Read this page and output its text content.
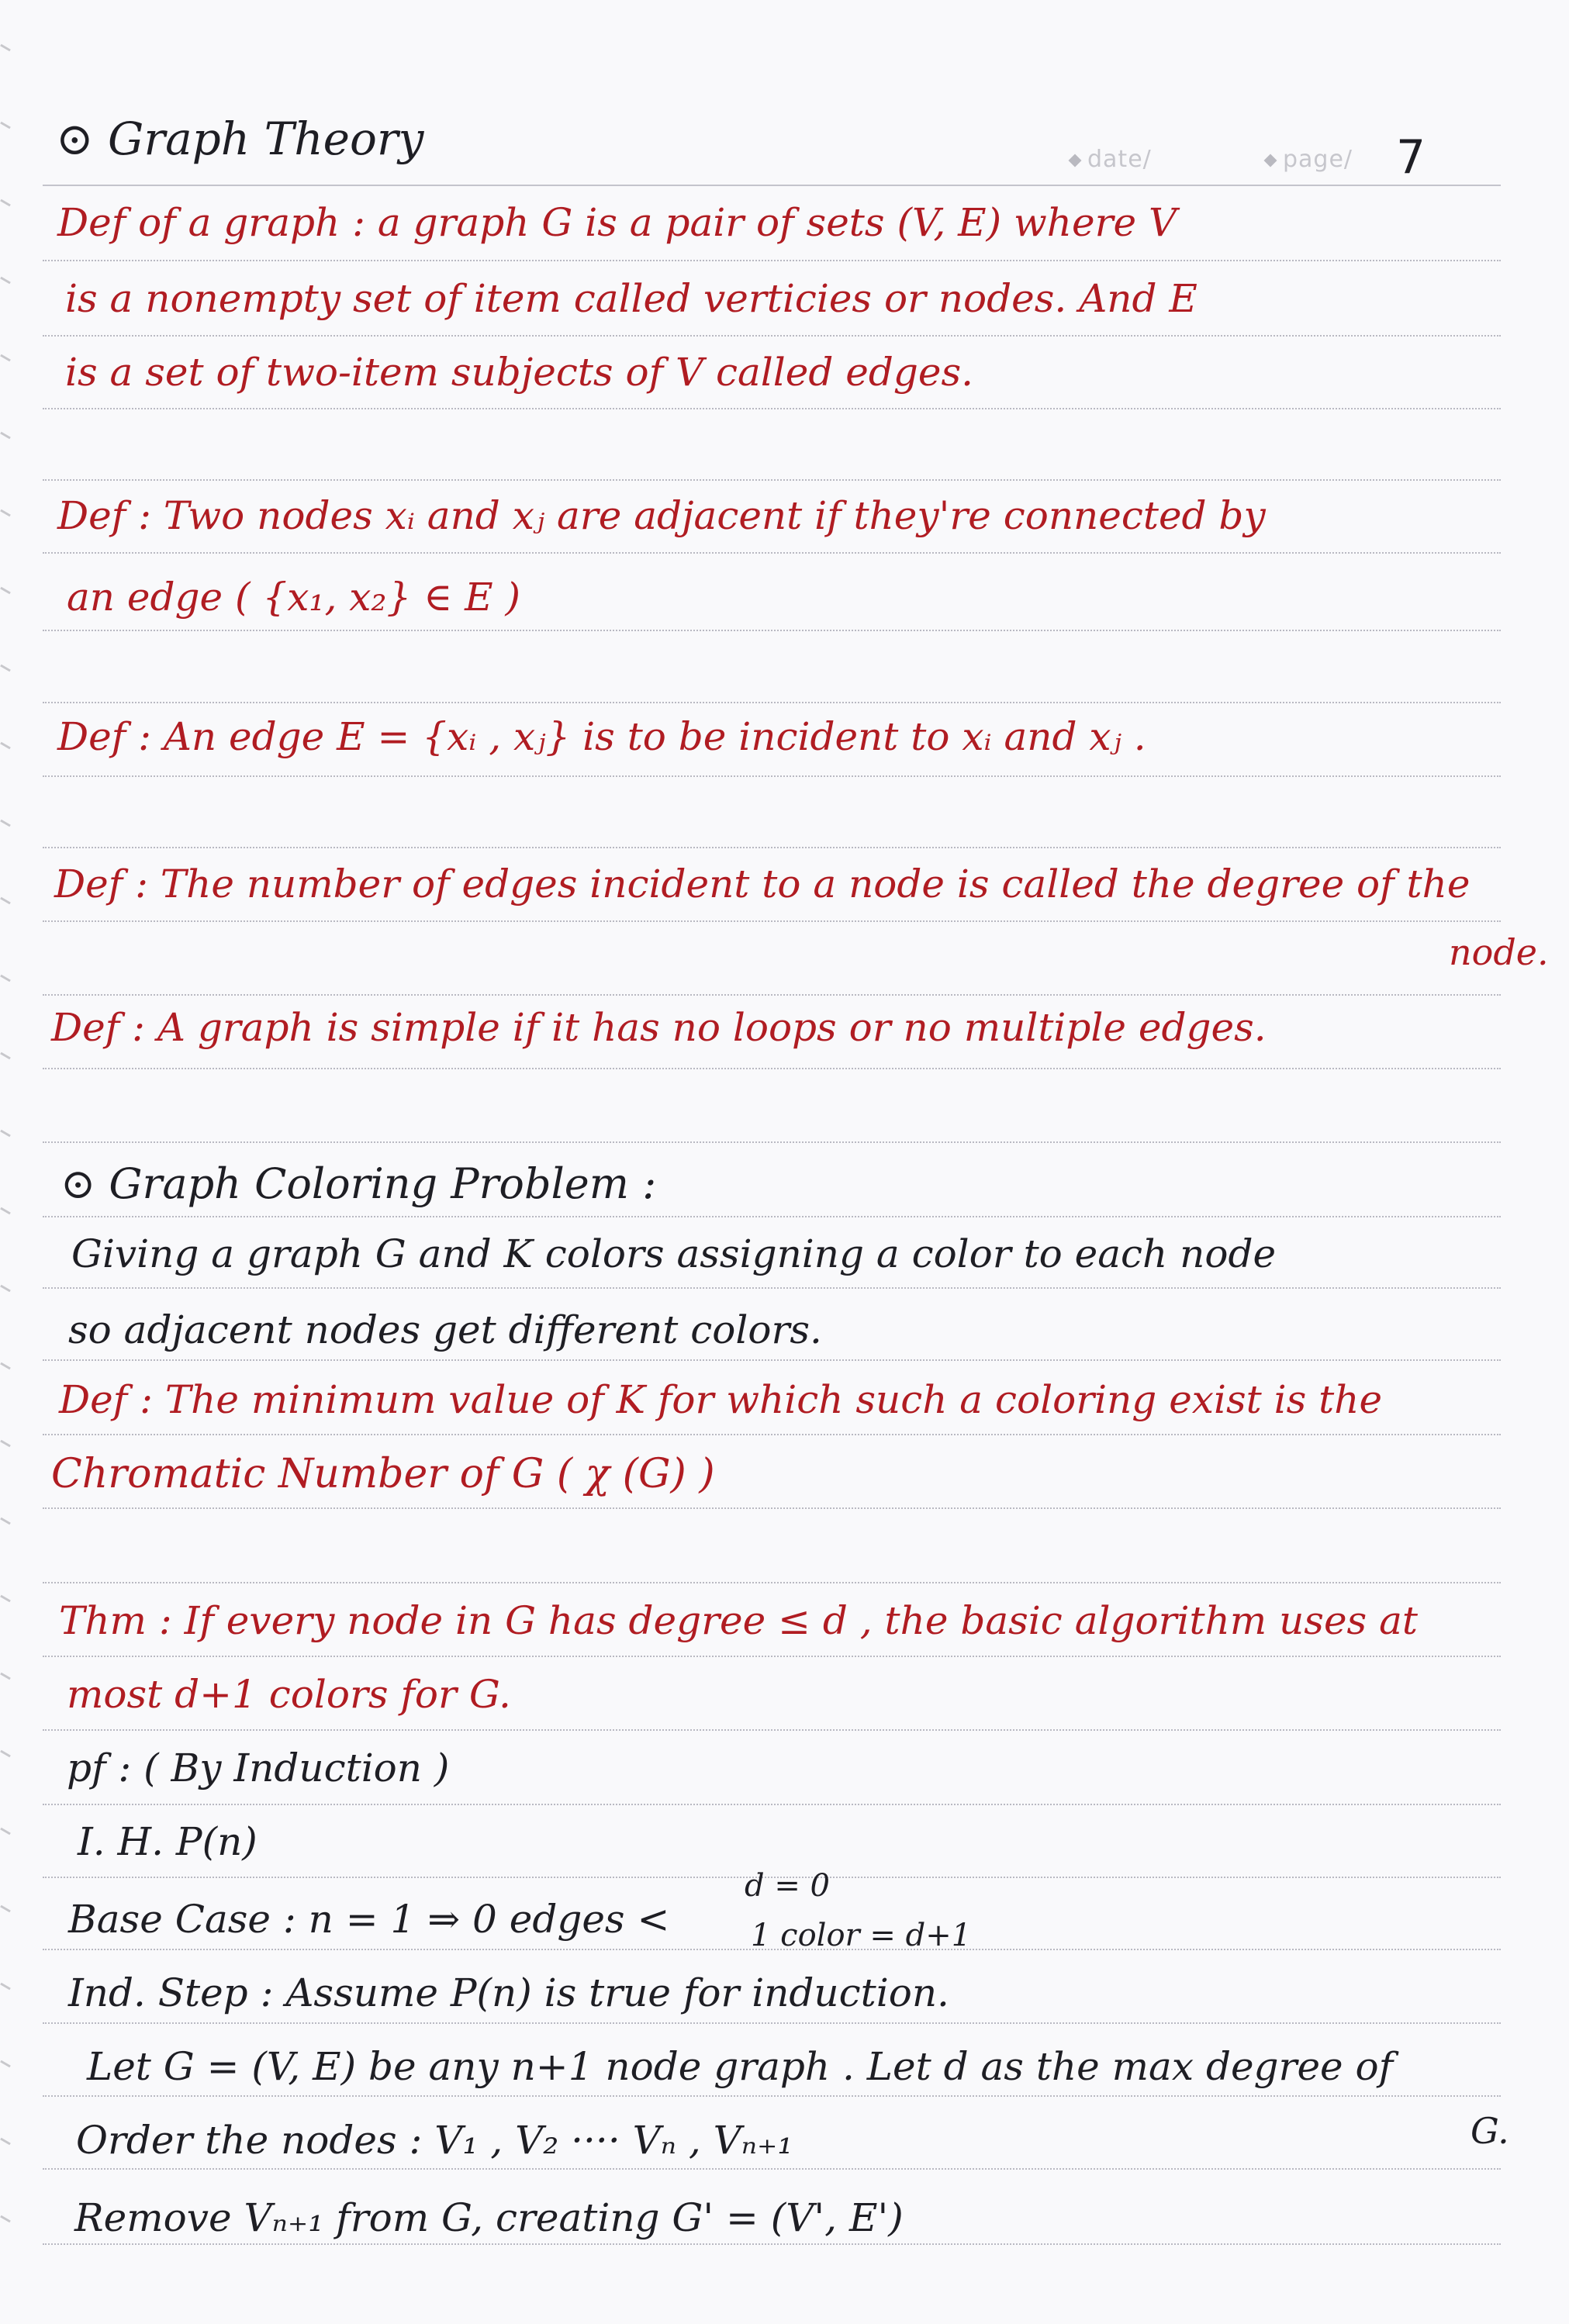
date/	page/ 7
⊙ Graph Theory
Def of a graph : a graph G is a pair of sets (V, E) where V
is a nonempty set of item called verticies or nodes. And E
is a set of two-item subjects of V called edges.
Def : Two nodes xᵢ and xⱼ are adjacent if they're connected by
an edge ( {x₁, x₂} ∈ E )
Def : An edge E = {xᵢ , xⱼ} is to be incident to xᵢ and xⱼ .
Def : The number of edges incident to a node is called the degree of the
node.
Def : A graph is simple if it has no loops or no multiple edges.
⊙ Graph Coloring Problem :
Giving a graph G and K colors assigning a color to each node
so adjacent nodes get different colors.
Def : The minimum value of K for which such a coloring exist is the
Chromatic Number of G ( χ (G) )
Thm : If every node in G has degree ≤ d , the basic algorithm uses at
most d+1 colors for G.
pf : ( By Induction )
I. H. P(n)
Base Case : n = 1 ⇒ 0 edges <
d = 0
1 color = d+1
Ind. Step : Assume P(n) is true for induction.
Let G = (V, E) be any n+1 node graph . Let d as the max degree of
G.
Order the nodes : V₁ , V₂ ···· Vₙ , Vₙ₊₁
Remove Vₙ₊₁ from G, creating G' = (V', E')
